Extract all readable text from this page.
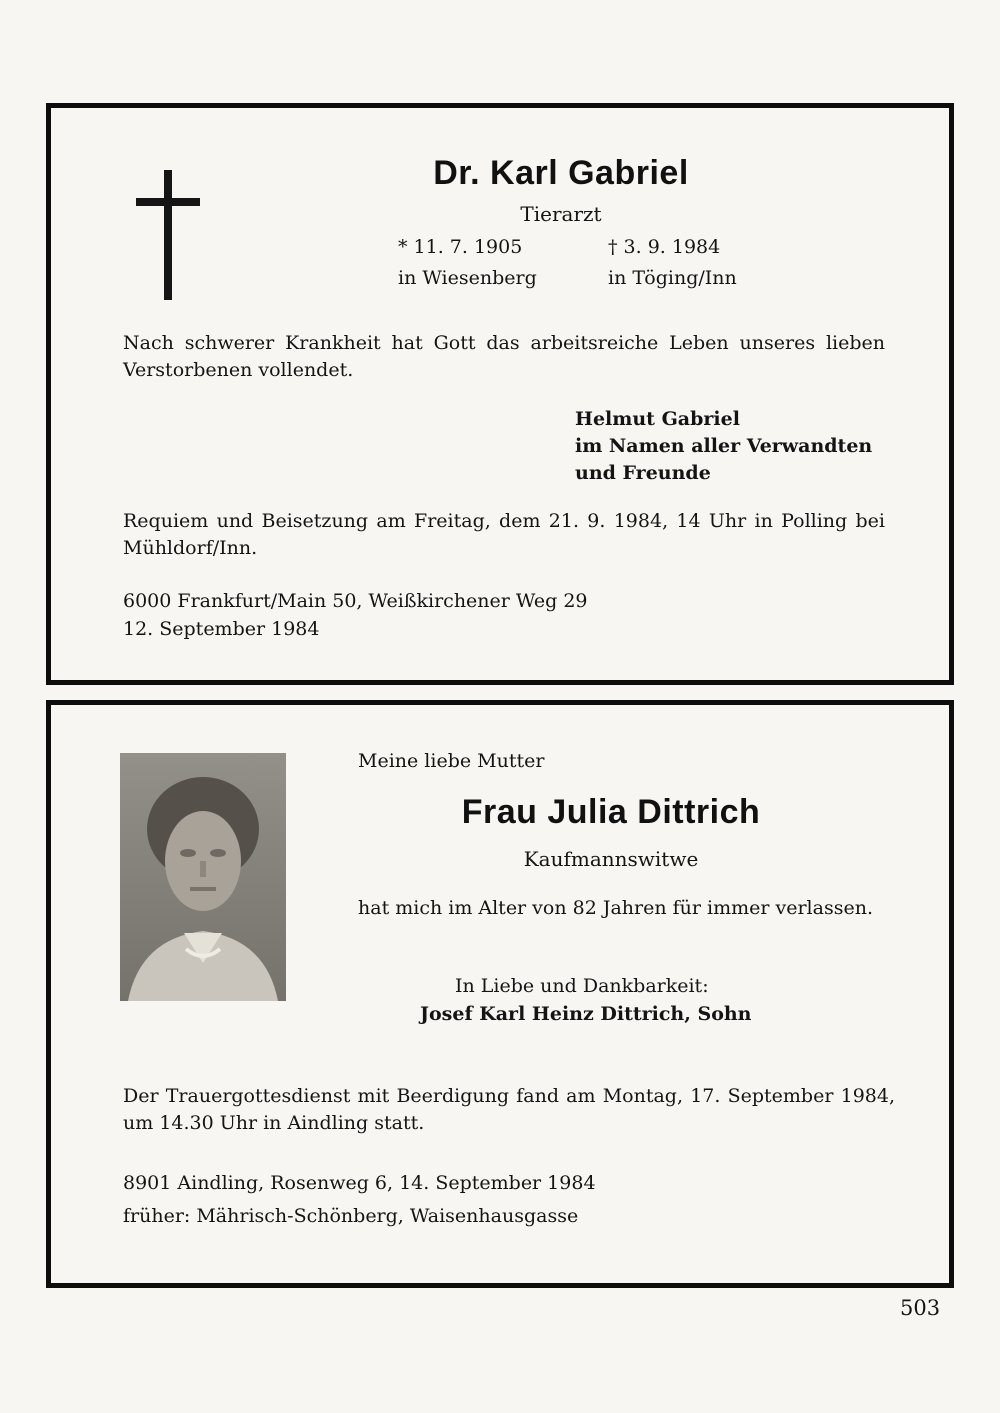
Dr. Karl Gabriel
Tierarzt
* 11. 7. 1905	† 3. 9. 1984
in Wiesenberg	in Töging/Inn
Nach schwerer Krankheit hat Gott das arbeitsreiche Leben unseres lieben Verstorbenen vollendet.
Helmut Gabriel
im Namen aller Verwandten
und Freunde
Requiem und Beisetzung am Freitag, dem 21. 9. 1984, 14 Uhr in Polling bei Mühldorf/Inn.
6000 Frankfurt/Main 50, Weißkirchener Weg 29
12. September 1984
Meine liebe Mutter
Frau Julia Dittrich
Kaufmannswitwe
hat mich im Alter von 82 Jahren für immer verlassen.
In Liebe und Dankbarkeit:
Josef Karl Heinz Dittrich, Sohn
Der Trauergottesdienst mit Beerdigung fand am Montag, 17. September 1984, um 14.30 Uhr in Aindling statt.
8901 Aindling, Rosenweg 6, 14. September 1984
früher: Mährisch-Schönberg, Waisenhausgasse
503
